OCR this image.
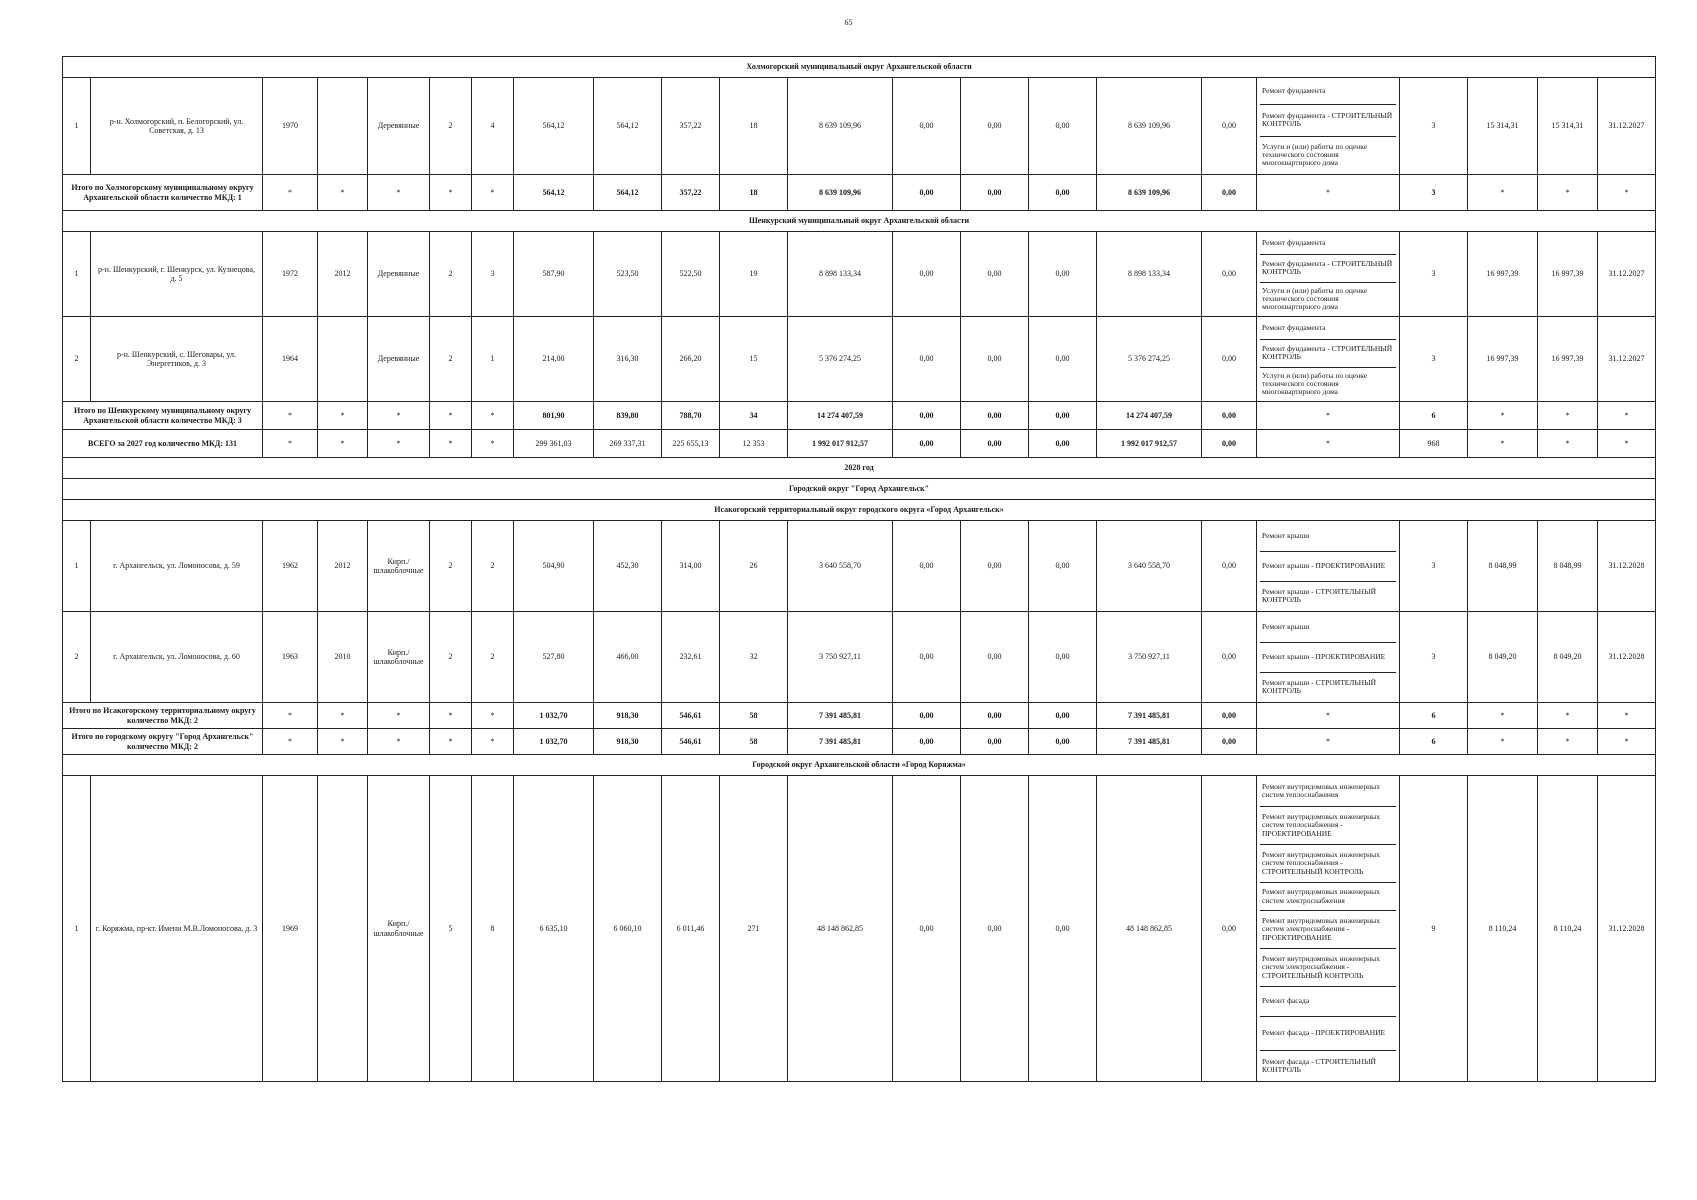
65
Холмогорский муниципальный округ Архангельской области
1	р-н. Холмогорский, п. Белогорский, ул. Советская, д. 13	1970		Деревянные	2	4	564,12	564,12	357,22	18	8 639 109,96	0,00	0,00	0,00	8 639 109,96	0,00	
Ремонт фундамента
Ремонт фундамента - СТРОИТЕЛЬНЫЙ КОНТРОЛЬ
Услуги и (или) работы по оценке технического состояния многоквартирного дома
	3	15 314,31	15 314,31	31.12.2027
Итого по Холмогорскому муниципальному округу Архангельской области количество МКД: 1	*	*	*	*	*	564,12	564,12	357,22	18	8 639 109,96	0,00	0,00	0,00	8 639 109,96	0,00	*	3	*	*	*
Шенкурский муниципальный округ Архангельской области
1	р-н. Шенкурский, г. Шенкурск, ул. Кузнецова, д. 5	1972	2012	Деревянные	2	3	587,90	523,50	522,50	19	8 898 133,34	0,00	0,00	0,00	8 898 133,34	0,00	
Ремонт фундамента
Ремонт фундамента - СТРОИТЕЛЬНЫЙ КОНТРОЛЬ
Услуги и (или) работы по оценке технического состояния многоквартирного дома
	3	16 997,39	16 997,39	31.12.2027
2	р-н. Шенкурский, с. Шеговары, ул. Энергетиков, д. 3	1964		Деревянные	2	1	214,00	316,30	266,20	15	5 376 274,25	0,00	0,00	0,00	5 376 274,25	0,00	
Ремонт фундамента
Ремонт фундамента - СТРОИТЕЛЬНЫЙ КОНТРОЛЬ
Услуги и (или) работы по оценке технического состояния многоквартирного дома
	3	16 997,39	16 997,39	31.12.2027
Итого по Шенкурскому муниципальному округу Архангельской области количество МКД: 3	*	*	*	*	*	801,90	839,80	788,70	34	14 274 407,59	0,00	0,00	0,00	14 274 407,59	0,00	*	6	*	*	*
ВСЕГО за 2027 год количество МКД: 131	*	*	*	*	*	299 361,03	269 337,31	225 655,13	12 353	1 992 017 912,57	0,00	0,00	0,00	1 992 017 912,57	0,00	*	968	*	*	*
2028 год
Городской округ "Город Архангельск"
Исакогорский территориальный округ городского округа «Город Архангельск»
1	г. Архангельск, ул. Ломоносова, д. 59	1962	2012	Кирп./ шлакоблочные	2	2	504,90	452,30	314,00	26	3 640 558,70	0,00	0,00	0,00	3 640 558,70	0,00	
Ремонт крыши
Ремонт крыши - ПРОЕКТИРОВАНИЕ
Ремонт крыши - СТРОИТЕЛЬНЫЙ КОНТРОЛЬ
	3	8 048,99	8 048,99	31.12.2028
2	г. Архангельск, ул. Ломоносова, д. 60	1963	2010	Кирп./ шлакоблочные	2	2	527,80	466,00	232,61	32	3 750 927,11	0,00	0,00	0,00	3 750 927,11	0,00	
Ремонт крыши
Ремонт крыши - ПРОЕКТИРОВАНИЕ
Ремонт крыши - СТРОИТЕЛЬНЫЙ КОНТРОЛЬ
	3	8 049,20	8 049,20	31.12.2028
Итого по Исакогорскому территориальному округу количество МКД: 2	*	*	*	*	*	1 032,70	918,30	546,61	58	7 391 485,81	0,00	0,00	0,00	7 391 485,81	0,00	*	6	*	*	*
Итого по городскому округу "Город Архангельск" количество МКД: 2	*	*	*	*	*	1 032,70	918,30	546,61	58	7 391 485,81	0,00	0,00	0,00	7 391 485,81	0,00	*	6	*	*	*
Городской округ Архангельской области «Город Коряжма»
1	г. Коряжма, пр-кт. Имени М.В.Ломоносова, д. 3	1969		Кирп./ шлакоблочные	5	8	6 635,10	6 060,10	6 011,46	271	48 148 862,85	0,00	0,00	0,00	48 148 862,85	0,00	
Ремонт внутридомовых инженерных систем теплоснабжения
Ремонт внутридомовых инженерных систем теплоснабжения - ПРОЕКТИРОВАНИЕ
Ремонт внутридомовых инженерных систем теплоснабжения - СТРОИТЕЛЬНЫЙ КОНТРОЛЬ
Ремонт внутридомовых инженерных систем электроснабжения
Ремонт внутридомовых инженерных систем электроснабжения - ПРОЕКТИРОВАНИЕ
Ремонт внутридомовых инженерных систем электроснабжения - СТРОИТЕЛЬНЫЙ КОНТРОЛЬ
Ремонт фасада
Ремонт фасада - ПРОЕКТИРОВАНИЕ
Ремонт фасада - СТРОИТЕЛЬНЫЙ КОНТРОЛЬ
	9	8 110,24	8 110,24	31.12.2028
